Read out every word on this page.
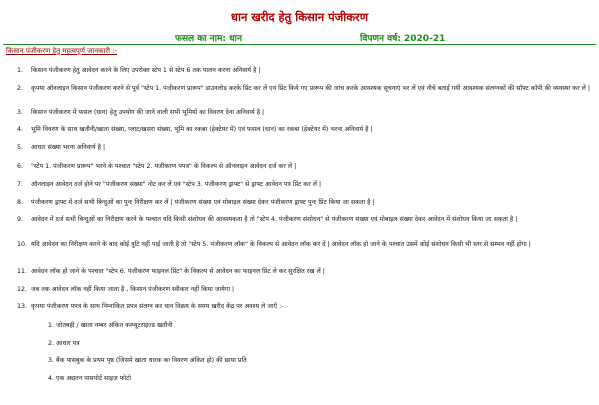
धान खरीद हेतु किसान पंजीकरण
फसल का नाम: धान	विपणन वर्ष: 2020-21
किसान पंजीकरण हेतु महत्वपूर्ण जानकारी :-
1.	किसान पंजीकरण हेतु आवेदन करने के लिए उपरोक्त स्टेप 1 से स्टेप 6 तक पालन करना अनिवार्य है |
2.	कृपया ऑनलाइन किसान पंजीकरण करने से पूर्व "स्टेप 1. पंजीकरण प्रारूप" डाउनलोड करके प्रिंट कर लें एवं प्रिंट किये गए प्रारूप की जांच करके आवश्यक सूचनाएं भर लें एवं नीचे बताई गयी आवश्यक संलग्नकों की सॉफ्ट कॉपी की व्यवस्था कर लें |
3.	किसान पंजीकरण में फसल (धान) हेतु उपयोग की जाने वाली सभी भूमियों का विवरण देना अनिवार्य है |
4.	भूमि विवरण के साथ खतौनी/खाता संख्या, प्लाट/खसरा संख्या, भूमि का रकबा (हेक्टेयर में) एवं फसल (धान) का रकबा (हेक्टेयर में) भरना अनिवार्य है |
5.	आधार संख्या भरना अनिवार्य है |
6.	"स्टेप 1. पंजीकरण प्रारूप" भरने के पश्चात "स्टेप 2. पंजीकरण पपत्र" के विकल्प से ऑनलाइन आवेदन दर्ज कर लें |
7.	ऑनलाइन आवेदन दर्ज होने पर "पंजीकरण संख्या" नोट कर लें एवं "स्टेप 3. पंजीकरण ड्राफ्ट" से ड्राफ्ट आवेदन पत्र प्रिंट कर लें |
8.	पंजीकरण ड्राफ्ट में दर्ज सभी बिन्दुओं का पुनः निरीक्षण कर लें | पंजीकरण संख्या एवं मोबाइल संख्या देकर पंजीकरण ड्राफ्ट पुनः प्रिंट किया जा सकता है |
9.	आवेदन में दर्ज सभी बिन्दुओं का निरीक्षण करने के पश्चात यदि किसी संशोधन की आवश्यकता है तो "स्टेप 4. पंजीकरण संशोधन" से पंजीकरण संख्या एवं मोबाइल संख्या देकर आवेदन में संशोधन किया जा सकता है |
10. यदि आवेदन का निरीक्षण करने के बाद कोई त्रुटि नहीं पाई जाती है तो "स्टेप 5. पंजीकरण लॉक" के विकल्प से आवेदन लॉक कर दें | आवेदन लॉक हो जाने के पश्चात उसमें कोई संशोधन किसी भी स्तर से सम्भव नहीं होगा |
11. आवेदन लॉक हो जाने के पश्चात "स्टेप 6. पंजीकरण फाइनल प्रिंट" के विकल्प से आवेदन का फाइनल प्रिंट ले कर सुरक्षित रख लें |
12. जब तक आवेदन लॉक नहीं किया जाता है , किसान पंजीकरण स्वीकार नहीं किया जायेगा |
13. कृपया पंजीकरण पपत्र के साथ निम्नांकित प्रपत्र संलग्न कर धान विक्रय के समय खरीद केंद्र पर अवश्य ले जाएँ :-
1. जोतबही / खाता नम्बर अंकित कम्प्यूटराइज्ड खतौनी
2. आधार पत्र
3. बैंक पासबुक के प्रथम पृष्ठ (जिसमे खाता धारक का विवरण अंकित हो) की छाया प्रति
4. एक अद्यतन पासपोर्ट साइज़ फोटो
